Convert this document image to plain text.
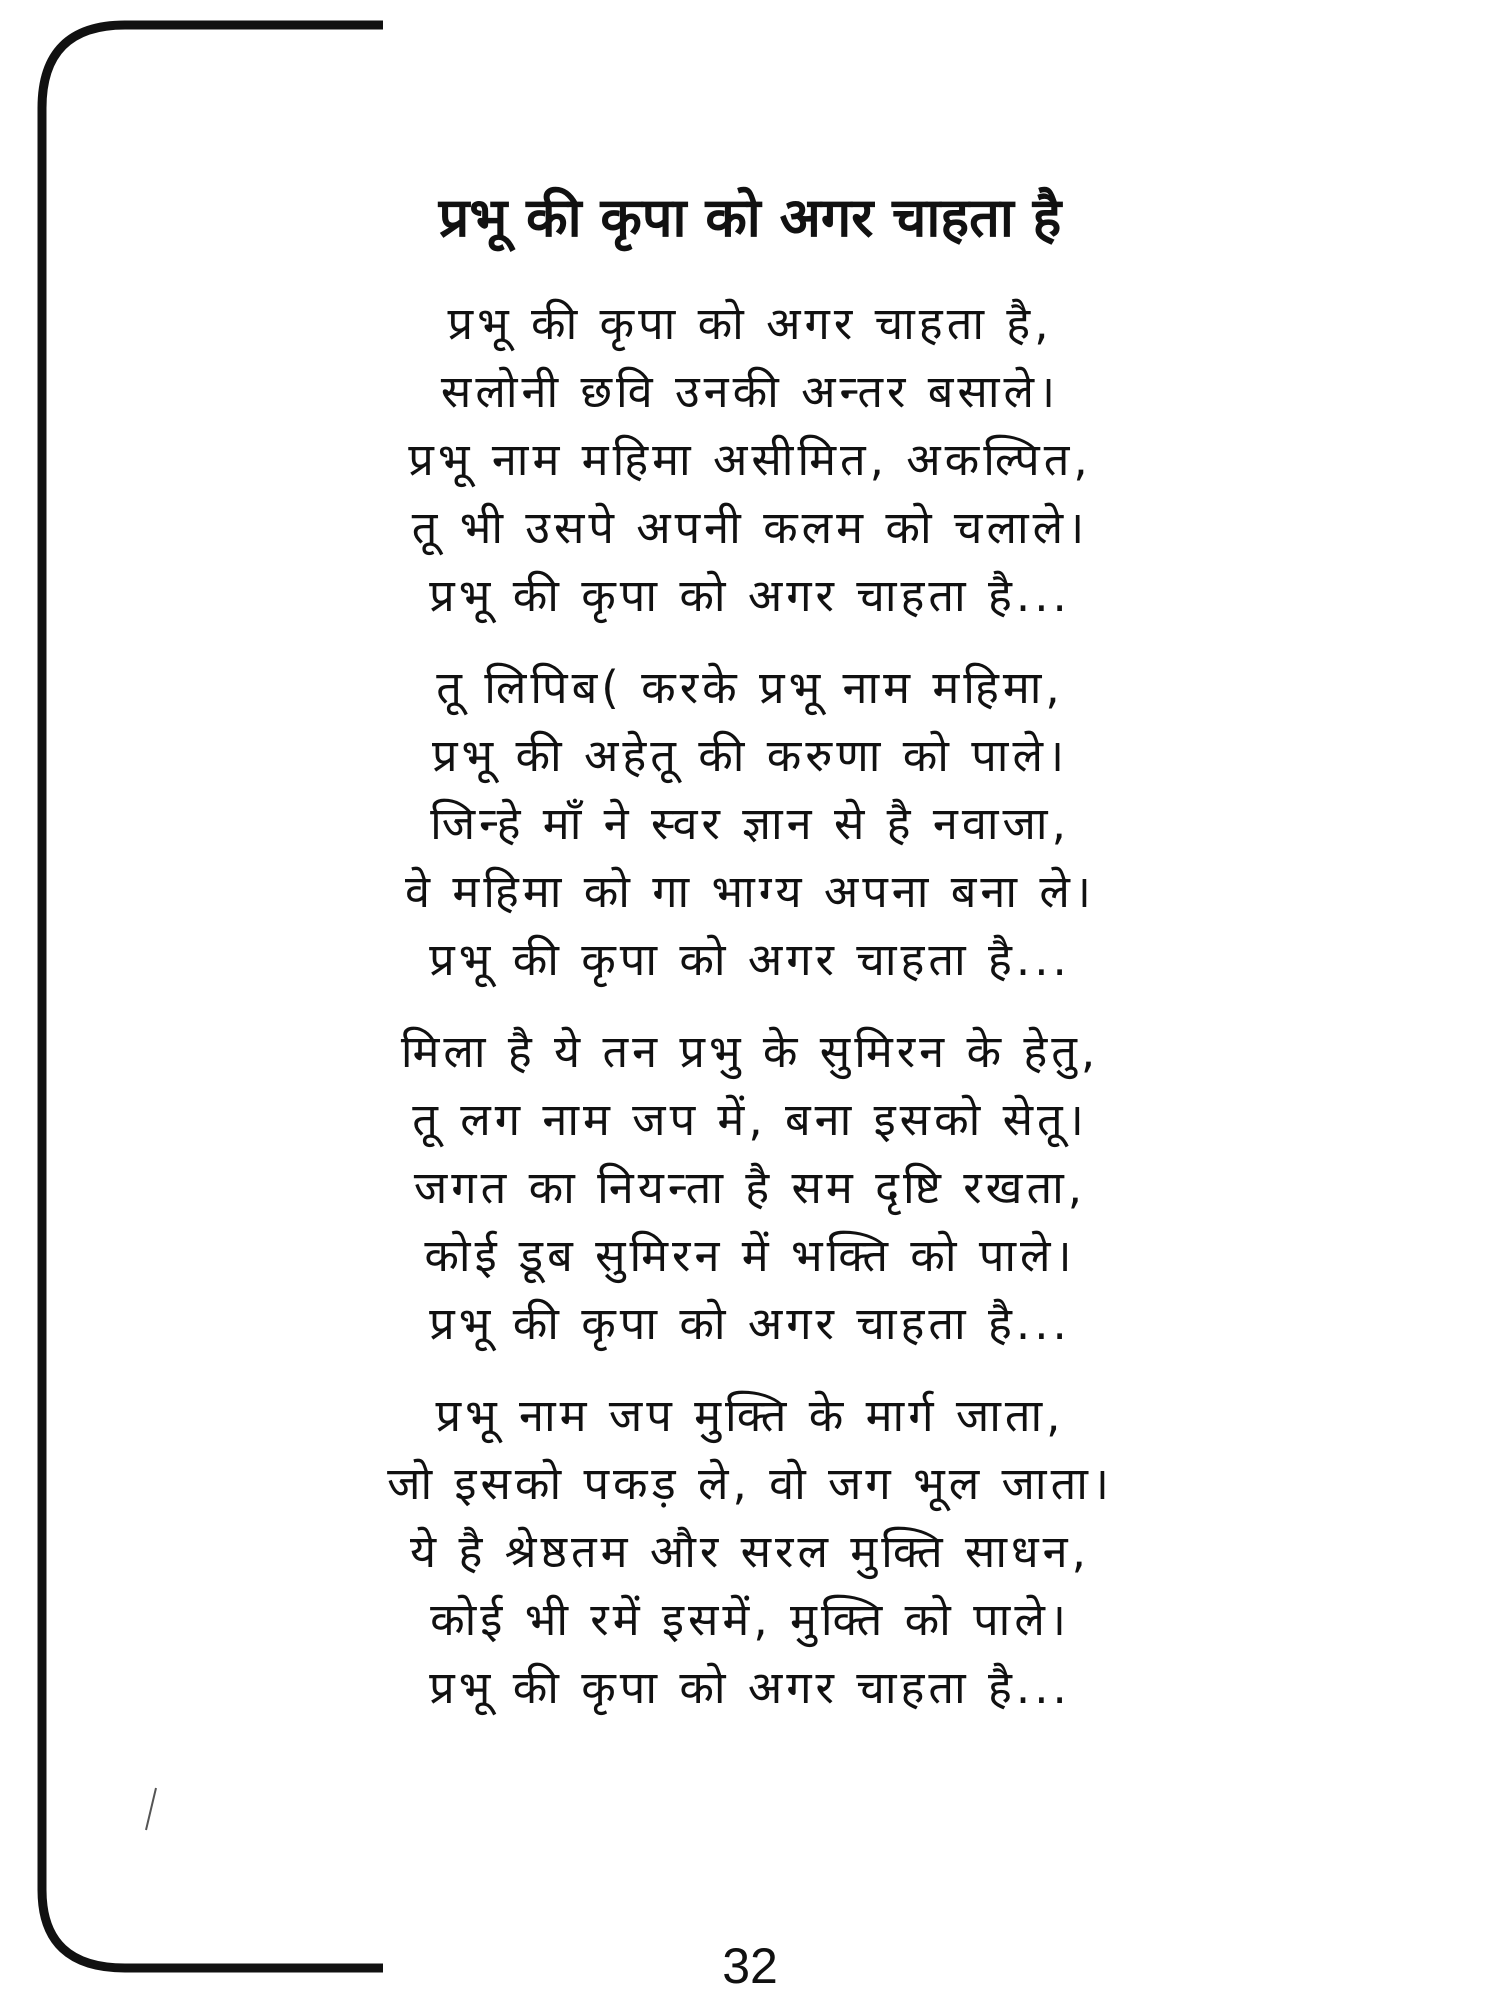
प्रभू की कृपा को अगर चाहता है
प्रभू की कृपा को अगर चाहता है,
सलोनी छवि उनकी अन्तर बसाले।
प्रभू नाम महिमा असीमित, अकल्पित,
तू भी उसपे अपनी कलम को चलाले।
प्रभू की कृपा को अगर चाहता है...
तू लिपिब( करके प्रभू नाम महिमा,
प्रभू की अहेतू की करुणा को पाले।
जिन्हे माँ ने स्वर ज्ञान से है नवाजा,
वे महिमा को गा भाग्य अपना बना ले।
प्रभू की कृपा को अगर चाहता है...
मिला है ये तन प्रभु के सुमिरन के हेतु,
तू लग नाम जप में, बना इसको सेतू।
जगत का नियन्ता है सम दृष्टि रखता,
कोई डूब सुमिरन में भक्ति को पाले।
प्रभू की कृपा को अगर चाहता है...
प्रभू नाम जप मुक्ति के मार्ग जाता,
जो इसको पकड़ ले, वो जग भूल जाता।
ये है श्रेष्ठतम और सरल मुक्ति साधन,
कोई भी रमें इसमें, मुक्ति को पाले।
प्रभू की कृपा को अगर चाहता है...
32
